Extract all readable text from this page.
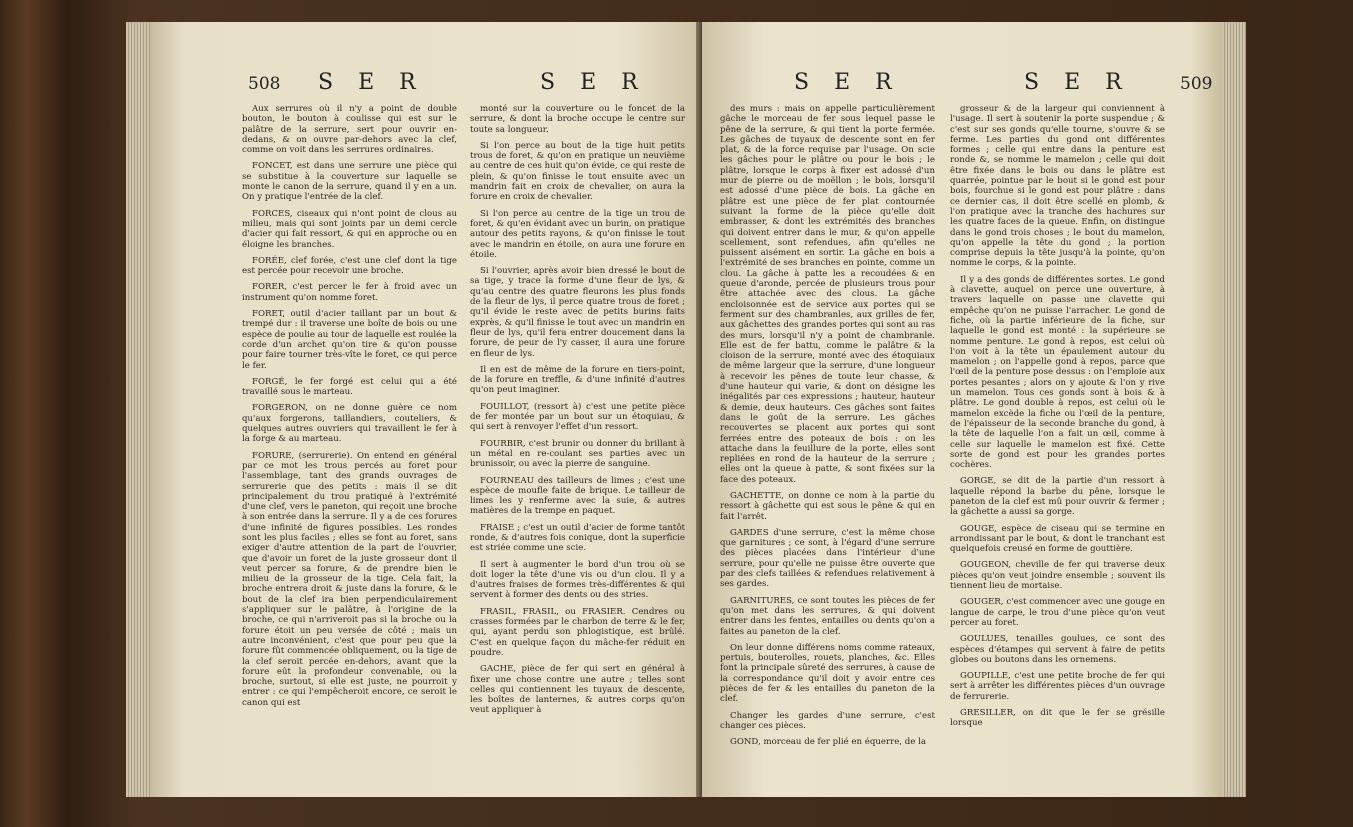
508 S E R	S E R

Aux serrures où il n'y a point de double bouton, le bouton à coulisse qui est sur le palâtre de la serrure, sert pour ouvrir en-dedans, & on ouvre par-dehors avec la clef, comme on voit dans les serrures ordinaires.

FONCET, est dans une serrure une pièce qui se substitue à la couverture sur laquelle se monte le canon de la serrure, quand il y en a un. On y pratique l'entrée de la clef.

FORCES, ciseaux qui n'ont point de clous au milieu, mais qui sont joints par un demi cercle d'acier qui fait ressort, & qui en approche ou en éloigne les branches.

FORÉE, clef forée, c'est une clef dont la tige est percée pour recevoir une broche.

FORER, c'est percer le fer à froid avec un instrument qu'on nomme foret.

FORET, outil d'acier taillant par un bout & trempé dur : il traverse une boîte de bois ou une espèce de poulie au tour de laquelle est roulée la corde d'un archet qu'on tire & qu'on pousse pour faire tourner très-vîte le foret, ce qui perce le fer.

FORGÉ, le fer forgé est celui qui a été travaillé sous le marteau.

FORGERON, on ne donne guère ce nom qu'aux forgerons, taillandiers, couteliers, & quelques autres ouvriers qui travaillent le fer à la forge & au marteau.

FORURE, (serrurerie). On entend en général par ce mot les trous percés au foret pour l'assemblage, tant des grands ouvrages de serrurerie que des petits : mais il se dit principalement du trou pratiqué à l'extrémité d'une clef, vers le paneton, qui reçoit une broche à son entrée dans la serrure. Il y a de ces forures d'une infinité de figures possibles. Les rondes sont les plus faciles ; elles se font au foret, sans exiger d'autre attention de la part de l'ouvrier, que d'avoir un foret de la juste grosseur dont il veut percer sa forure, & de prendre bien le milieu de la grosseur de la tige. Cela fait, la broche entrera droit & juste dans la forure, & le bout de la clef ira bien perpendiculairement s'appliquer sur le palâtre, à l'origine de la broche, ce qui n'arriveroit pas si la broche ou la forure étoit un peu versée de côté ; mais un autre inconvénient, c'est que pour peu que la forure fût commencée obliquement, ou la tige de la clef seroit percée en-dehors, avant que la forure eût la profondeur convenable, ou la broche, surtout, si elle est juste, ne pourroit y entrer : ce qui l'empêcheroit encore, ce seroit le canon qui est

monté sur la couverture ou le foncet de la serrure, & dont la broche occupe le centre sur toute sa longueur.

Si l'on perce au bout de la tige huit petits trous de foret, & qu'on en pratique un neuvième au centre de ces huit qu'on évide, ce qui reste de plein, & qu'on finisse le tout ensuite avec un mandrin fait en croix de chevalier, on aura la forure en croix de chevalier.

Si l'on perce au centre de la tige un trou de foret, & qu'en évidant avec un burin, on pratique autour des petits rayons, & qu'on finisse le tout avec le mandrin en étoile, on aura une forure en étoile.

Si l'ouvrier, après avoir bien dressé le bout de sa tige, y trace la forme d'une fleur de lys, & qu'au centre des quatre fleurons les plus fonds de la fleur de lys, il perce quatre trous de foret ; qu'il évide le reste avec de petits burins faits exprès, & qu'il finisse le tout avec un mandrin en fleur de lys, qu'il fera entrer doucement dans la forure, de peur de l'y casser, il aura une forure en fleur de lys.

Il en est de même de la forure en tiers-point, de la forure en treffle, & d'une infinité d'autres qu'on peut imaginer.

FOUILLOT, (ressort à) c'est une petite pièce de fer montée par un bout sur un étoquiau, & qui sert à renvoyer l'effet d'un ressort.

FOURBIR, c'est brunir ou donner du brillant à un métal en re-coulant ses parties avec un brunissoir, ou avec la pierre de sanguine.

FOURNEAU des tailleurs de limes ; c'est une espèce de moufle faite de brique. Le tailleur de limes les y renferme avec la suie, & autres matières de la trempe en paquet.

FRAISE ; c'est un outil d'acier de forme tantôt ronde, & d'autres fois conique, dont la superficie est striée comme une scie.

Il sert à augmenter le bord d'un trou où se doit loger la tête d'une vis ou d'un clou. Il y a d'autres fraises de formes très-différentes & qui servent à former des dents ou des stries.

FRASIL, FRASIL, ou FRASIER. Cendres ou crasses formées par le charbon de terre & le fer, qui, ayant perdu son phlogistique, est brûlé. C'est en quelque façon du mâche-fer réduit en poudre.

GACHE, pièce de fer qui sert en général à fixer une chose contre une autre ; telles sont celles qui contiennent les tuyaux de descente, les boîtes de lanternes, & autres corps qu'on veut appliquer à

S E R	S E R	509

des murs : mais on appelle particulièrement gâche le morceau de fer sous lequel passe le pêne de la serrure, & qui tient la porte fermée. Les gâches de tuyaux de descente sont en fer plat, & de la force requise par l'usage. On scie les gâches pour le plâtre ou pour le bois ; le plâtre, lorsque le corps à fixer est adossé d'un mur de pierre ou de moëllon ; le bois, lorsqu'il est adossé d'une pièce de bois. La gâche en plâtre est une pièce de fer plat contournée suivant la forme de la pièce qu'elle doit embrasser, & dont les extrémités des branches qui doivent entrer dans le mur, & qu'on appelle scellement, sont refendues, afin qu'elles ne puissent aisément en sortir. La gâche en bois a l'extrémité de ses branches en pointe, comme un clou. La gâche à patte les a recoudées & en queue d'aronde, percée de plusieurs trous pour être attachée avec des clous. La gâche encloisonnée est de service aux portes qui se ferment sur des chambranles, aux grilles de fer, aux gâchettes des grandes portes qui sont au ras des murs, lorsqu'il n'y a point de chambranle. Elle est de fer battu, comme le palâtre & la cloison de la serrure, monté avec des étoquiaux de même largeur que la serrure, d'une longueur à recevoir les pênes de toute leur chasse, & d'une hauteur qui varie, & dont on désigne les inégalités par ces expressions ; hauteur, hauteur & demie, deux hauteurs. Ces gâches sont faites dans le goût de la serrure. Les gâches recouvertes se placent aux portes qui sont ferrées entre des poteaux de bois : on les attache dans la feuillure de la porte, elles sont repliées en rond de la hauteur de la serrure ; elles ont la queue à patte, & sont fixées sur la face des poteaux.

GACHETTE, on donne ce nom à la partie du ressort à gâchette qui est sous le pêne & qui en fait l'arrêt.

GARDES d'une serrure, c'est la même chose que garnitures ; ce sont, à l'égard d'une serrure des pièces placées dans l'intérieur d'une serrure, pour qu'elle ne puisse être ouverte que par des clefs taillées & refendues relativement à ses gardes.

GARNITURES, ce sont toutes les pièces de fer qu'on met dans les serrures, & qui doivent entrer dans les fentes, entailles ou dents qu'on a faites au paneton de la clef.

On leur donne différens noms comme rateaux, pertuis, bouterolles, rouets, planches, &c. Elles font la principale sûreté des serrures, à cause de la correspondance qu'il doit y avoir entre ces pièces de fer & les entailles du paneton de la clef.

Changer les gardes d'une serrure, c'est changer ces pièces.

GOND, morceau de fer plié en équerre, de la

grosseur & de la largeur qui conviennent à l'usage. Il sert à soutenir la porte suspendue ; & c'est sur ses gonds qu'elle tourne, s'ouvre & se ferme. Les parties du gond ont différentes formes ; celle qui entre dans la penture est ronde &, se nomme le mamelon ; celle qui doit être fixée dans le bois ou dans le plâtre est quarrée, pointue par le bout si le gond est pour bois, fourchue si le gond est pour plâtre : dans ce dernier cas, il doit être scellé en plomb, & l'on pratique avec la tranche des hachures sur les quatre faces de la queue. Enfin, on distingue dans le gond trois choses ; le bout du mamelon, qu'on appelle la tête du gond ; la portion comprise depuis la tête jusqu'à la pointe, qu'on nomme le corps, & la pointe.

Il y a des gonds de différentes sortes. Le gond à clavette, auquel on perce une ouverture, à travers laquelle on passe une clavette qui empêche qu'on ne puisse l'arracher. Le gond de fiche, où la partie inférieure de la fiche, sur laquelle le gond est monté : la supérieure se nomme penture. Le gond à repos, est celui où l'on voit à la tête un épaulement autour du mamelon ; on l'appelle gond à repos, parce que l'œil de la penture pose dessus : on l'emploie aux portes pesantes ; alors on y ajoute & l'on y rive un mamelon. Tous ces gonds sont à bois & à plâtre. Le gond double à repos, est celui où le mamelon excède la fiche ou l'œil de la penture, de l'épaisseur de la seconde branche du gond, à la tête de laquelle l'on a fait un œil, comme à celle sur laquelle le mamelon est fixé. Cette sorte de gond est pour les grandes portes cochères.

GORGE, se dit de la partie d'un ressort à laquelle répond la barbe du pêne, lorsque le paneton de la clef est mû pour ouvrir & fermer ; la gâchette a aussi sa gorge.

GOUGE, espèce de ciseau qui se termine en arrondissant par le bout, & dont le tranchant est quelquefois creusé en forme de gouttière.

GOUGEON, cheville de fer qui traverse deux pièces qu'on veut joindre ensemble ; souvent ils tiennent lieu de mortaise.

GOUGER, c'est commencer avec une gouge en langue de carpe, le trou d'une pièce qu'on veut percer au foret.

GOULUES, tenailles goulues, ce sont des espèces d'étampes qui servent à faire de petits globes ou boutons dans les ornemens.

GOUPILLE, c'est une petite broche de fer qui sert à arrêter les différentes pièces d'un ouvrage de ferrurerie.

GRESILLER, on dit que le fer se grésille lorsque
